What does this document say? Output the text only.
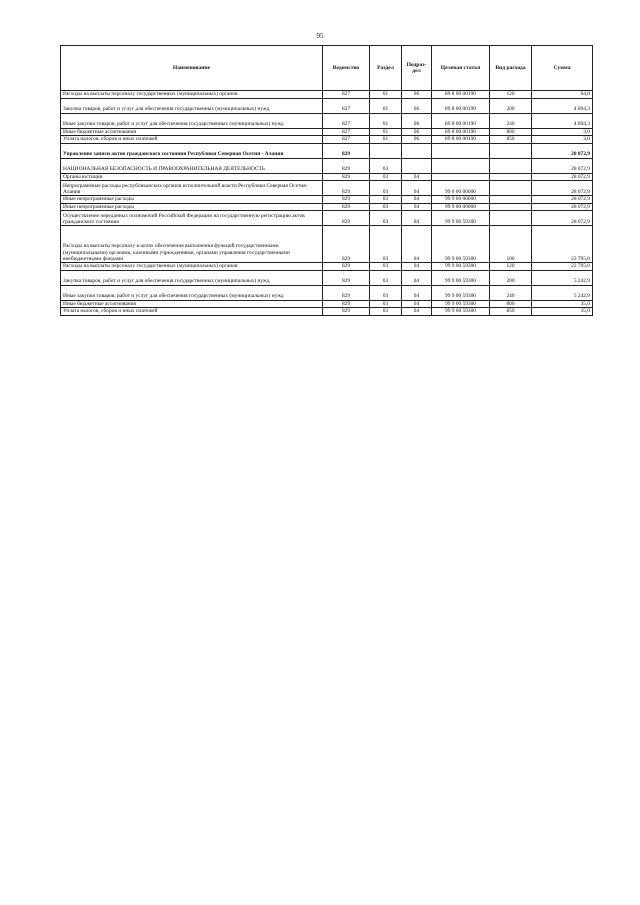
95
Наименование	Ведомство	Раздел	Подраз-дел	Целевая статья	Вид расхода	Сумма
Расходы на выплаты персоналу государственных (муниципальных) органов	827	01	06	89 8 00 00190	120	64,0
Закупка товаров, работ и услуг для обеспечения государственных (муниципальных) нужд	827	01	06	89 8 00 00190	200	4 894,3
Иные закупки товаров, работ и услуг для обеспечения государственных (муниципальных) нужд	827	01	06	89 8 00 00190	240	4 894,3
Иные бюджетные ассигнования	827	01	06	89 8 00 00190	800	3,0
Уплата налогов, сборов и иных платежей	827	01	06	89 8 00 00190	850	3,0
Управление записи актов гражданского состояния Республики Северная Осетия - Алания	829					28 072,9
НАЦИОНАЛЬНАЯ БЕЗОПАСНОСТЬ И ПРАВООХРАНИТЕЛЬНАЯ ДЕЯТЕЛЬНОСТЬ	829	03				28 072,9
Органы юстиции	829	03	04			28 072,9
Непрограммные расходы республиканских органов исполнительной власти Республики Северная Осетия-Алания	829	03	04	99 0 00 00000		28 072,9
Иные непрограммные расходы	829	03	04	99 9 00 00000		28 072,9
Иные непрограммные расходы	829	03	04	99 9 00 00000		28 072,9
Осуществление переданных полномочий Российской Федерации на государственную регистрацию актов гражданского состояния	829	03	04	99 9 00 59300		28 072,9
Расходы на выплаты персоналу в целях обеспечения выполнения функций государственными (муниципальными) органами, казенными учреждениями, органами управления государственными внебюджетными фондами	829	03	04	99 9 00 59300	100	22 795,0
Расходы на выплаты персоналу государственных (муниципальных) органов	829	03	04	99 9 00 59300	120	22 795,0
Закупка товаров, работ и услуг для обеспечения государственных (муниципальных) нужд	829	03	04	99 9 00 59300	200	5 242,9
Иные закупки товаров, работ и услуг для обеспечения государственных (муниципальных) нужд	829	03	04	99 9 00 59300	240	5 242,9
Иные бюджетные ассигнования	829	03	04	99 9 00 59300	800	35,0
Уплата налогов, сборов и иных платежей	829	03	04	99 9 00 59300	850	35,0
